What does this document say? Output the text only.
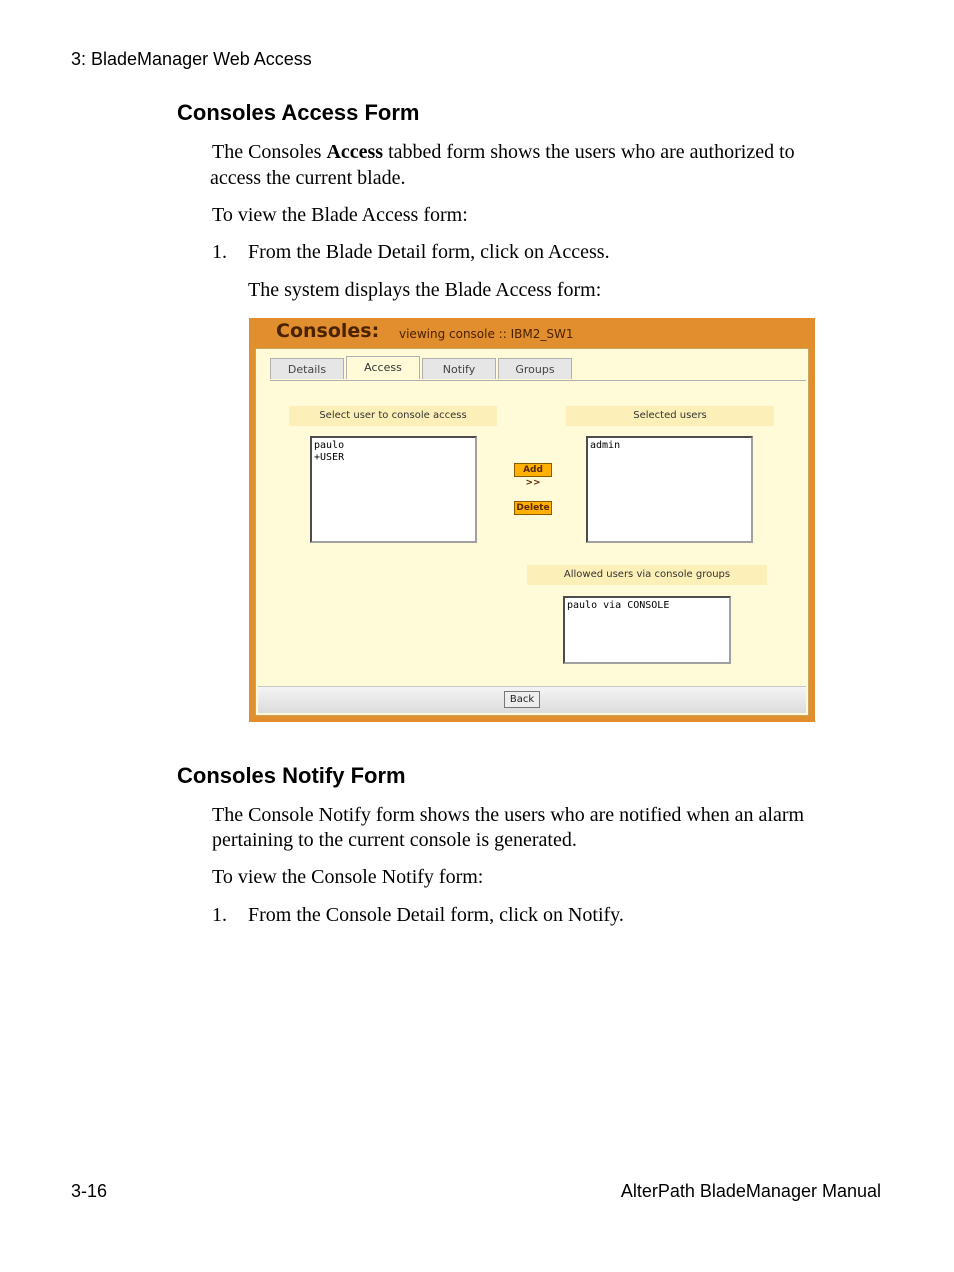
3: BladeManager Web Access
Consoles Access Form
The Consoles Access tabbed form shows the users who are authorized to
access the current blade.
To view the Blade Access form:
1. From the Blade Detail form, click on Access.
The system displays the Blade Access form:
Consoles: viewing console :: IBM2_SW1
Details	Access	Notify	Groups
Select user to console access	Selected users
paulo
+USER
Add >>
Delete
admin
Allowed users via console groups
paulo via CONSOLE
Back
Consoles Notify Form
The Console Notify form shows the users who are notified when an alarm
pertaining to the current console is generated.
To view the Console Notify form:
1. From the Console Detail form, click on Notify.
3-16	AlterPath BladeManager Manual
